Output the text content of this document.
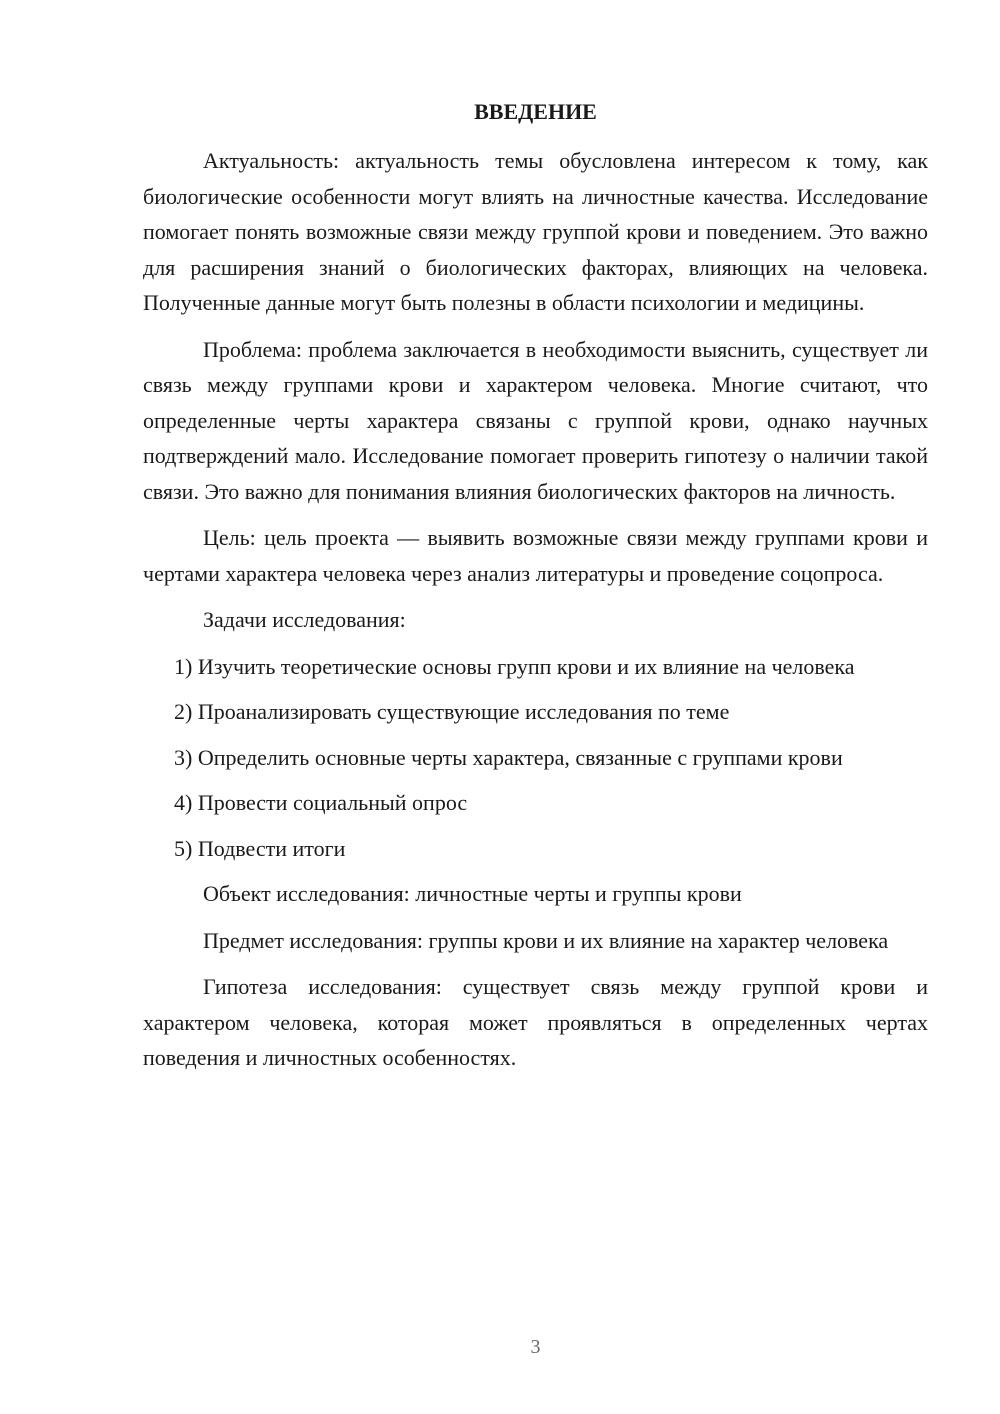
ВВЕДЕНИЕ

Актуальность: актуальность темы обусловлена интересом к тому, как биологические особенности могут влиять на личностные качества. Исследование помогает понять возможные связи между группой крови и поведением. Это важно для расширения знаний о биологических факторах, влияющих на человека. Полученные данные могут быть полезны в области психологии и медицины.

Проблема: проблема заключается в необходимости выяснить, существует ли связь между группами крови и характером человека. Многие считают, что определенные черты характера связаны с группой крови, однако научных подтверждений мало. Исследование помогает проверить гипотезу о наличии такой связи. Это важно для понимания влияния биологических факторов на личность.

Цель: цель проекта — выявить возможные связи между группами крови и чертами характера человека через анализ литературы и проведение соцопроса.

Задачи исследования:

1) Изучить теоретические основы групп крови и их влияние на человека

2) Проанализировать существующие исследования по теме

3) Определить основные черты характера, связанные с группами крови

4) Провести социальный опрос

5) Подвести итоги

Объект исследования: личностные черты и группы крови

Предмет исследования: группы крови и их влияние на характер человека

Гипотеза исследования: существует связь между группой крови и характером человека, которая может проявляться в определенных чертах поведения и личностных особенностях.

3
